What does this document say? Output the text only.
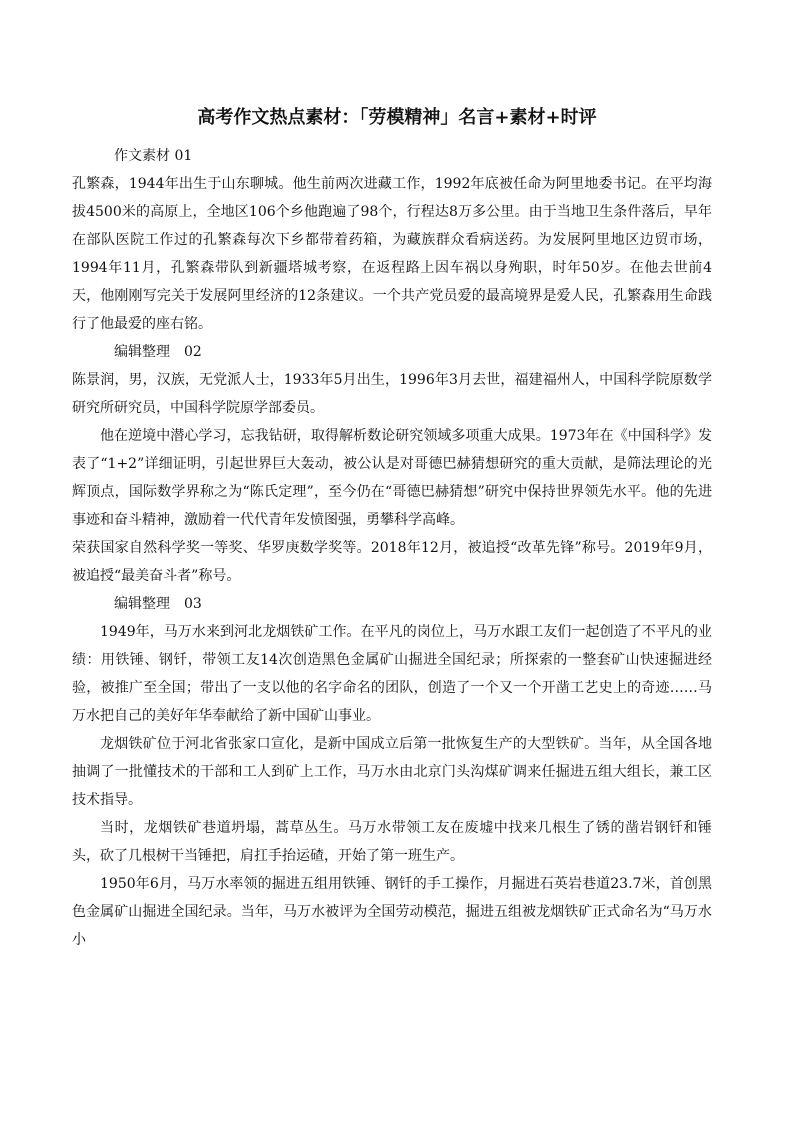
高考作文热点素材：「劳模精神」名言+素材+时评

作文素材 01

孔繁森，1944年出生于山东聊城。他生前两次进藏工作，1992年底被任命为阿里地委书记。在平均海拔4500米的高原上，全地区106个乡他跑遍了98个，行程达8万多公里。由于当地卫生条件落后，早年在部队医院工作过的孔繁森每次下乡都带着药箱，为藏族群众看病送药。为发展阿里地区边贸市场，1994年11月，孔繁森带队到新疆塔城考察，在返程路上因车祸以身殉职，时年50岁。在他去世前4天，他刚刚写完关于发展阿里经济的12条建议。一个共产党员爱的最高境界是爱人民，孔繁森用生命践行了他最爱的座右铭。

编辑整理　02

陈景润，男，汉族，无党派人士，1933年5月出生，1996年3月去世，福建福州人，中国科学院原数学研究所研究员，中国科学院原学部委员。

他在逆境中潜心学习，忘我钻研，取得解析数论研究领域多项重大成果。1973年在《中国科学》发表了“1+2”详细证明，引起世界巨大轰动，被公认是对哥德巴赫猜想研究的重大贡献，是筛法理论的光辉顶点，国际数学界称之为“陈氏定理”，至今仍在“哥德巴赫猜想”研究中保持世界领先水平。他的先进事迹和奋斗精神，激励着一代代青年发愤图强，勇攀科学高峰。

荣获国家自然科学奖一等奖、华罗庚数学奖等。2018年12月，被追授“改革先锋”称号。2019年9月，被追授“最美奋斗者”称号。

编辑整理　03

1949年，马万水来到河北龙烟铁矿工作。在平凡的岗位上，马万水跟工友们一起创造了不平凡的业绩：用铁锤、钢钎，带领工友14次创造黑色金属矿山掘进全国纪录；所探索的一整套矿山快速掘进经验，被推广至全国；带出了一支以他的名字命名的团队，创造了一个又一个开凿工艺史上的奇迹……马万水把自己的美好年华奉献给了新中国矿山事业。

龙烟铁矿位于河北省张家口宣化，是新中国成立后第一批恢复生产的大型铁矿。当年，从全国各地抽调了一批懂技术的干部和工人到矿上工作，马万水由北京门头沟煤矿调来任掘进五组大组长，兼工区技术指导。

当时，龙烟铁矿巷道坍塌，蒿草丛生。马万水带领工友在废墟中找来几根生了锈的凿岩钢钎和锤头，砍了几根树干当锤把，肩扛手抬运碴，开始了第一班生产。

1950年6月，马万水率领的掘进五组用铁锤、钢钎的手工操作，月掘进石英岩巷道23.7米，首创黑色金属矿山掘进全国纪录。当年，马万水被评为全国劳动模范，掘进五组被龙烟铁矿正式命名为“马万水小
